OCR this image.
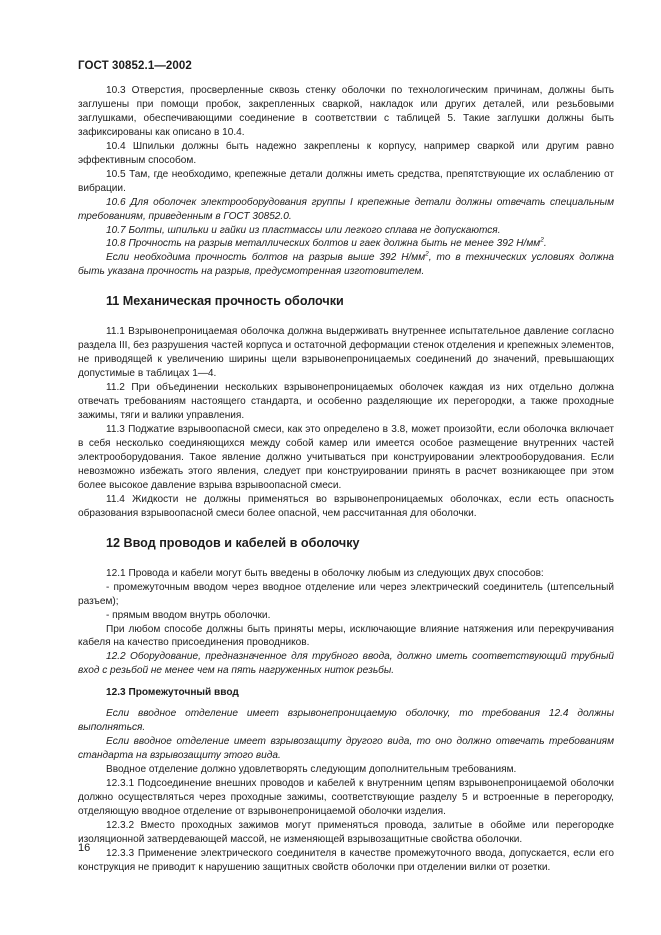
ГОСТ 30852.1—2002

10.3 Отверстия, просверленные сквозь стенку оболочки по технологическим причинам, должны быть заглушены при помощи пробок, закрепленных сваркой, накладок или других деталей, или резьбовыми заглушками, обеспечивающими соединение в соответствии с таблицей 5. Такие заглушки должны быть зафиксированы как описано в 10.4.

10.4 Шпильки должны быть надежно закреплены к корпусу, например сваркой или другим равно эффективным способом.

10.5 Там, где необходимо, крепежные детали должны иметь средства, препятствующие их ослаблению от вибрации.

10.6 Для оболочек электрооборудования группы I крепежные детали должны отвечать специальным требованиям, приведенным в ГОСТ 30852.0.

10.7 Болты, шпильки и гайки из пластмассы или легкого сплава не допускаются.

10.8 Прочность на разрыв металлических болтов и гаек должна быть не менее 392 $Н/мм^2$.

Если необходима прочность болтов на разрыв выше 392 $Н/мм^2$, то в технических условиях должна быть указана прочность на разрыв, предусмотренная изготовителем.

11 Механическая прочность оболочки

11.1 Взрывонепроницаемая оболочка должна выдерживать внутреннее испытательное давление согласно раздела III, без разрушения частей корпуса и остаточной деформации стенок отделения и крепежных элементов, не приводящей к увеличению ширины щели взрывонепроницаемых соединений до значений, превышающих допустимые в таблицах 1—4.

11.2 При объединении нескольких взрывонепроницаемых оболочек каждая из них отдельно должна отвечать требованиям настоящего стандарта, и особенно разделяющие их перегородки, а также проходные зажимы, тяги и валики управления.

11.3 Поджатие взрывоопасной смеси, как это определено в 3.8, может произойти, если оболочка включает в себя несколько соединяющихся между собой камер или имеется особое размещение внутренних частей электрооборудования. Такое явление должно учитываться при конструировании электрооборудования. Если невозможно избежать этого явления, следует при конструировании принять в расчет возникающее при этом более высокое давление взрыва взрывоопасной смеси.

11.4 Жидкости не должны применяться во взрывонепроницаемых оболочках, если есть опасность образования взрывоопасной смеси более опасной, чем рассчитанная для оболочки.

12 Ввод проводов и кабелей в оболочку

12.1 Провода и кабели могут быть введены в оболочку любым из следующих двух способов:

- промежуточным вводом через вводное отделение или через электрический соединитель (штепсельный разъем);

- прямым вводом внутрь оболочки.

При любом способе должны быть приняты меры, исключающие влияние натяжения или перекручивания кабеля на качество присоединения проводников.

12.2 Оборудование, предназначенное для трубного ввода, должно иметь соответствующий трубный вход с резьбой не менее чем на пять нагруженных ниток резьбы.

12.3 Промежуточный ввод

Если вводное отделение имеет взрывонепроницаемую оболочку, то требования 12.4 должны выполняться.

Если вводное отделение имеет взрывозащиту другого вида, то оно должно отвечать требованиям стандарта на взрывозащиту этого вида.

Вводное отделение должно удовлетворять следующим дополнительным требованиям.

12.3.1 Подсоединение внешних проводов и кабелей к внутренним цепям взрывонепроницаемой оболочки должно осуществляться через проходные зажимы, соответствующие разделу 5 и встроенные в перегородку, отделяющую вводное отделение от взрывонепроницаемой оболочки изделия.

12.3.2 Вместо проходных зажимов могут применяться провода, залитые в обойме или перегородке изоляционной затвердевающей массой, не изменяющей взрывозащитные свойства оболочки.

12.3.3 Применение электрического соединителя в качестве промежуточного ввода, допускается, если его конструкция не приводит к нарушению защитных свойств оболочки при отделении вилки от розетки.

16
